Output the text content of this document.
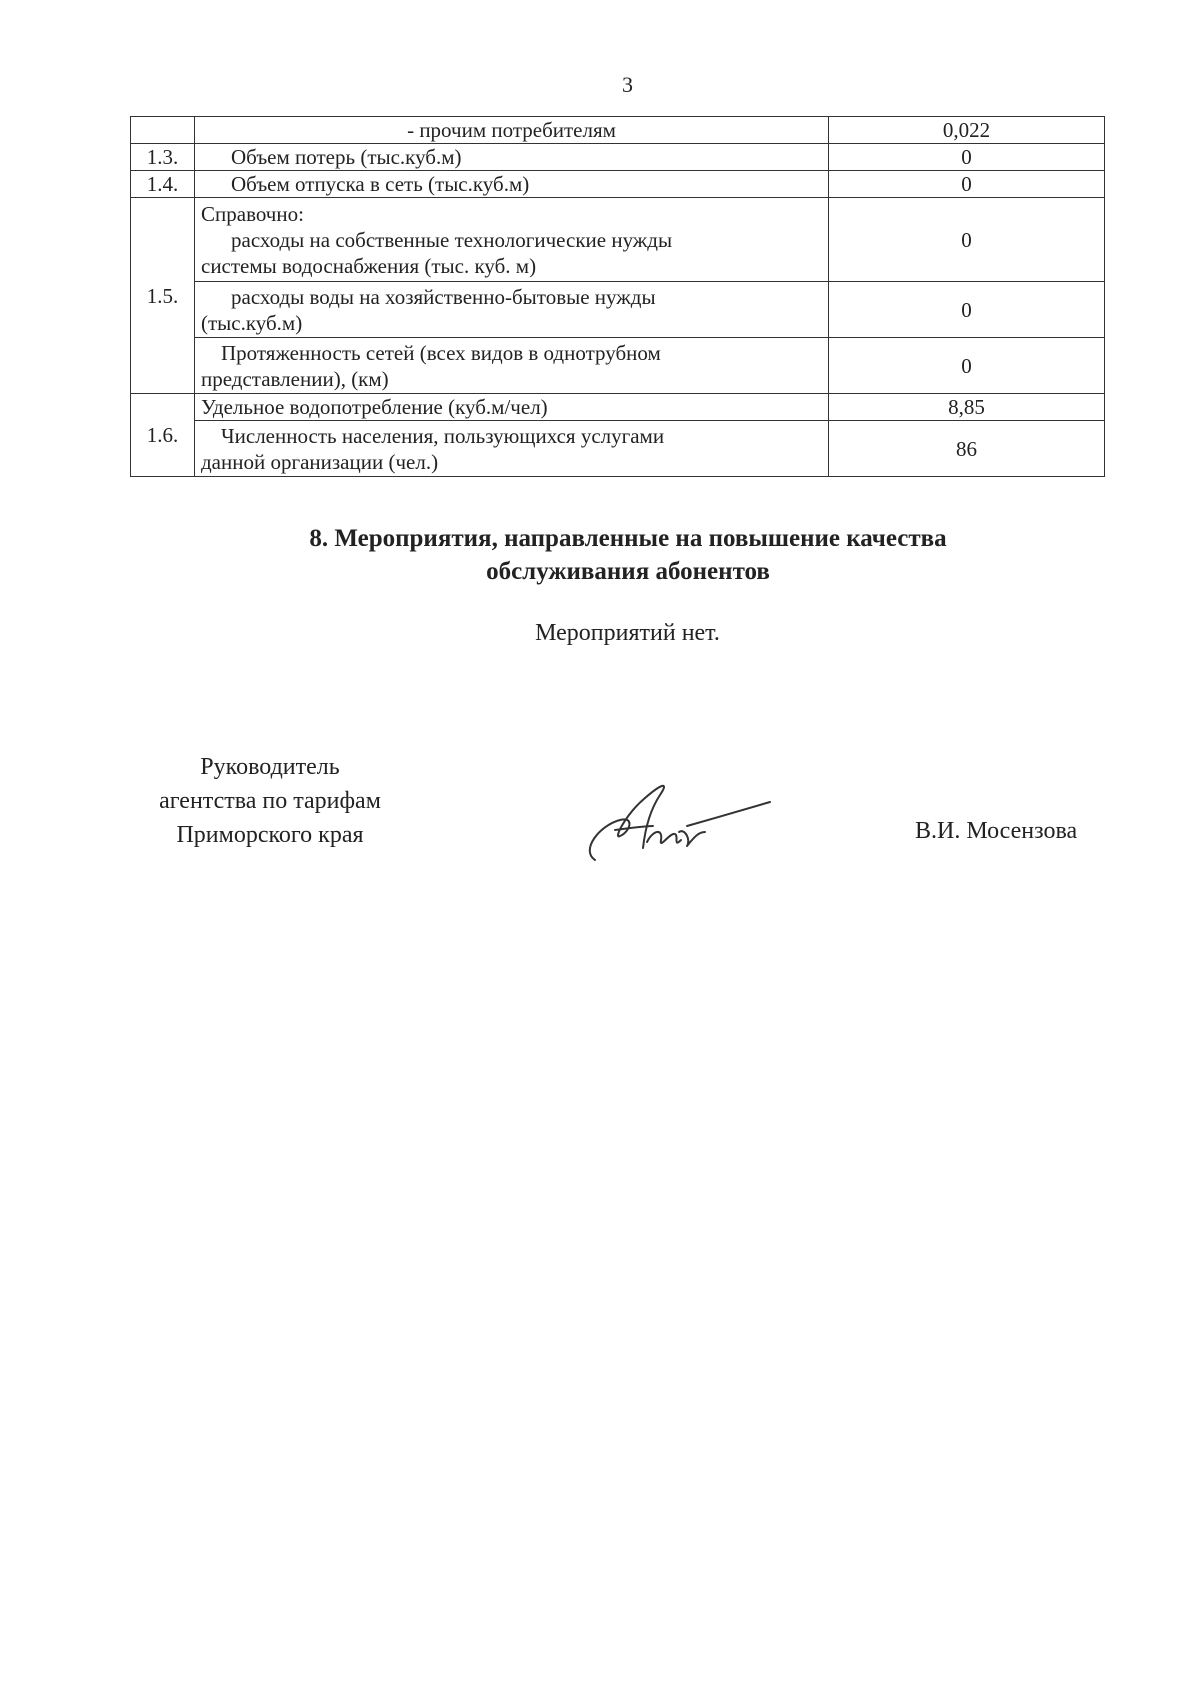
3
	- прочим потребителям	0,022
1.3.	Объем потерь (тыс.куб.м)	0
1.4.	Объем отпуска в сеть (тыс.куб.м)	0
1.5.	Справочно:
расходы на собственные технологические нужды
системы водоснабжения (тыс. куб. м)	0

	расходы воды на хозяйственно-бытовые нужды
(тыс.куб.м)	0

	Протяженность сетей (всех видов в однотрубном
представлении), (км)	0
1.6.	Удельное водопотребление (куб.м/чел)	8,85

	Численность населения, пользующихся услугами
данной организации (чел.)	86
8. Мероприятия, направленные на повышение качества
обслуживания абонентов
Мероприятий нет.
Руководитель
агентства по тарифам
Приморского края	В.И. Мосензова
